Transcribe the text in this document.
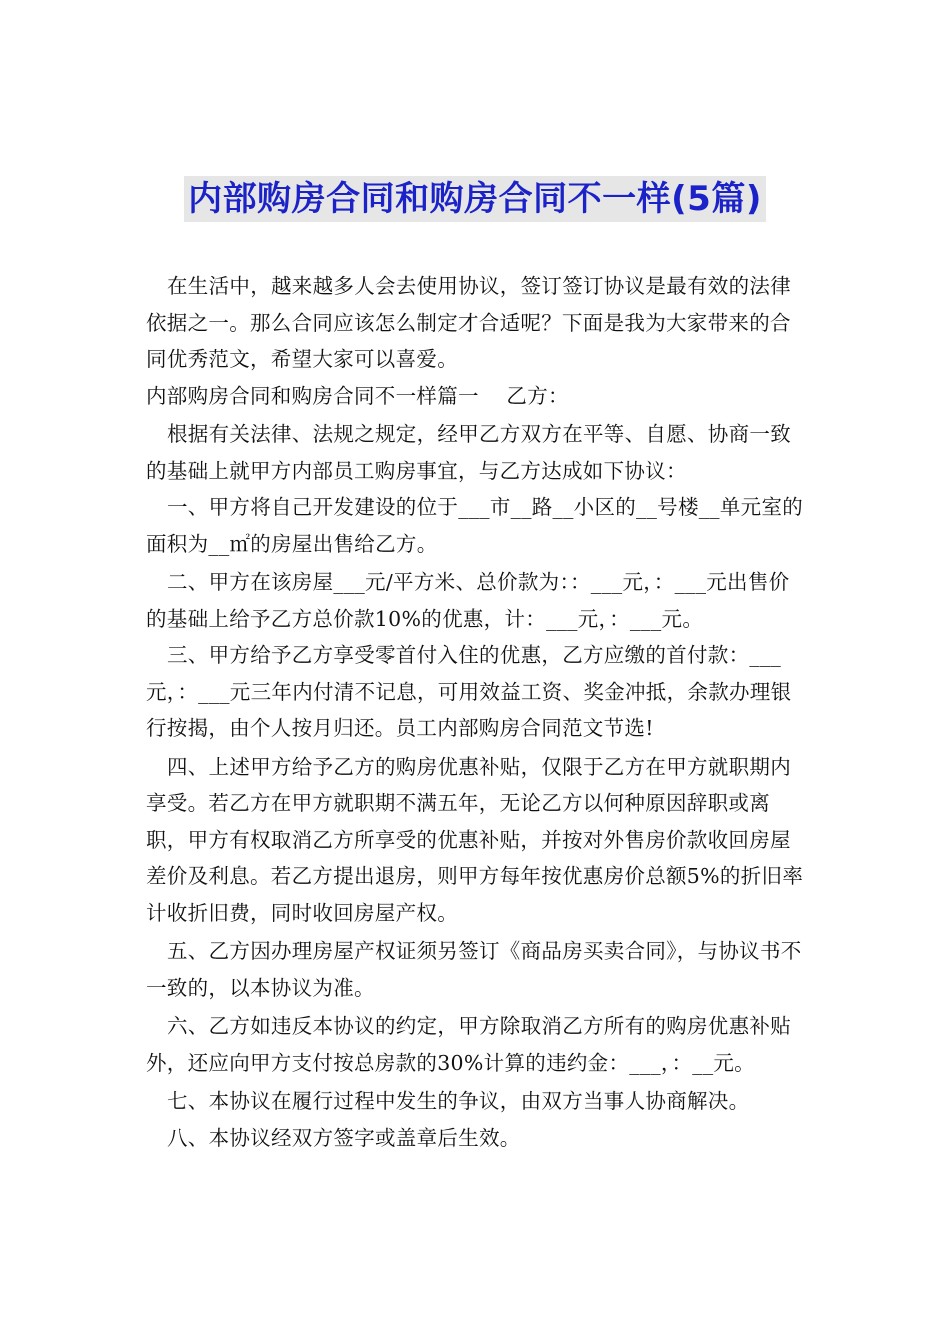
内部购房合同和购房合同不一样(5篇)

在生活中，越来越多人会去使用协议，签订签订协议是最有效的法律依据之一。那么合同应该怎么制定才合适呢？下面是我为大家带来的合同优秀范文，希望大家可以喜爱。

内部购房合同和购房合同不一样篇一　 乙方：

根据有关法律、法规之规定，经甲乙方双方在平等、自愿、协商一致的基础上就甲方内部员工购房事宜，与乙方达成如下协议：

一、甲方将自己开发建设的位于___市__路__小区的__号楼__单元室的面积为__㎡的房屋出售给乙方。

二、甲方在该房屋___元/平方米、总价款为：：___元，：___元出售价的基础上给予乙方总价款10%的优惠，计：___元，：___元。

三、甲方给予乙方享受零首付入住的优惠，乙方应缴的首付款：___元，：___元三年内付清不记息，可用效益工资、奖金冲抵，余款办理银行按揭，由个人按月归还。员工内部购房合同范文节选!

四、上述甲方给予乙方的购房优惠补贴，仅限于乙方在甲方就职期内享受。若乙方在甲方就职期不满五年，无论乙方以何种原因辞职或离职，甲方有权取消乙方所享受的优惠补贴，并按对外售房价款收回房屋差价及利息。若乙方提出退房，则甲方每年按优惠房价总额5%的折旧率计收折旧费，同时收回房屋产权。

五、乙方因办理房屋产权证须另签订《商品房买卖合同》，与协议书不一致的，以本协议为准。

六、乙方如违反本协议的约定，甲方除取消乙方所有的购房优惠补贴外，还应向甲方支付按总房款的30%计算的违约金：___，：__元。

七、本协议在履行过程中发生的争议，由双方当事人协商解决。

八、本协议经双方签字或盖章后生效。
